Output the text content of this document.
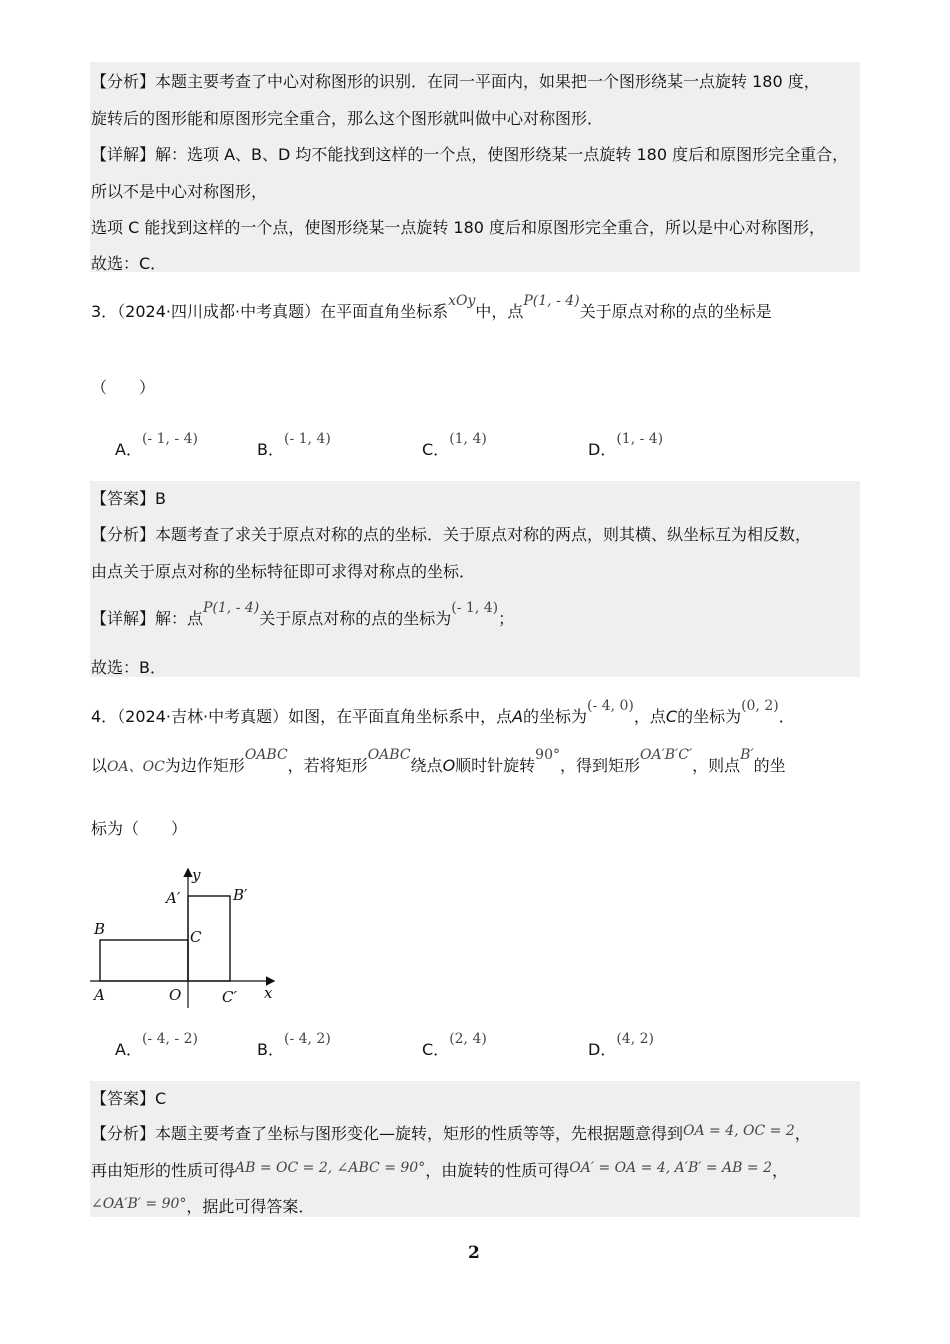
【分析】本题主要考查了中心对称图形的识别．在同一平面内，如果把一个图形绕某一点旋转 180 度，
旋转后的图形能和原图形完全重合，那么这个图形就叫做中心对称图形．
【详解】解：选项 A、B、D 均不能找到这样的一个点，使图形绕某一点旋转 180 度后和原图形完全重合，
所以不是中心对称图形，
选项 C 能找到这样的一个点，使图形绕某一点旋转 180 度后和原图形完全重合，所以是中心对称图形，
故选：C．
3．（2024·四川成都·中考真题）在平面直角坐标系xOy中，点P(1, - 4)关于原点对称的点的坐标是
（　　）
A．(- 1, - 4)
B．(- 1, 4)
C．(1, 4)
D．(1, - 4)
【答案】B
【分析】本题考查了求关于原点对称的点的坐标．关于原点对称的两点，则其横、纵坐标互为相反数，
由点关于原点对称的坐标特征即可求得对称点的坐标．
【详解】解：点P(1, - 4)关于原点对称的点的坐标为(- 1, 4)；
故选：B．
4．（2024·吉林·中考真题）如图，在平面直角坐标系中，点A的坐标为(- 4, 0)，点C的坐标为(0, 2)．
以OA、OC为边作矩形OABC，若将矩形OABC绕点O顺时针旋转90°，得到矩形OA′B′C′，则点B′的坐
标为（　　）
B
A	O
C
A′	B′
C′ x
y
A．(- 4, - 2)
B．(- 4, 2)
C．(2, 4)
D．(4, 2)
【答案】C
【分析】本题主要考查了坐标与图形变化—旋转，矩形的性质等等，先根据题意得到OA = 4, OC = 2，
再由矩形的性质可得AB = OC = 2, ∠ABC = 90°，由旋转的性质可得OA′ = OA = 4, A′B′ = AB = 2，
∠OA′B′ = 90°，据此可得答案．
2
